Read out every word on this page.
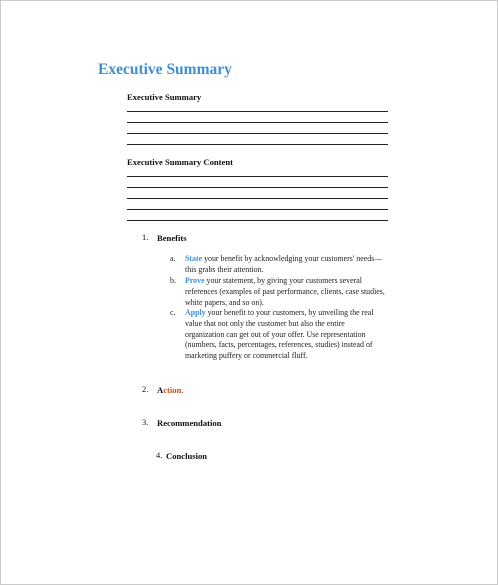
Executive Summary
Executive Summary
Executive Summary Content
1. Benefits
a.	State your benefit by acknowledging your customers' needs—this grabs their attention.
b.	Prove your statement, by giving your customers several references (examples of past performance, clients, case studies, white papers, and so on).
c.	Apply your benefit to your customers, by unveiling the real value that not only the customer but also the entire organization can get out of your offer. Use representation (numbers, facts, percentages, references, studies) instead of marketing puffery or commercial fluff.
2. Action.
3. Recommendation
4. Conclusion
